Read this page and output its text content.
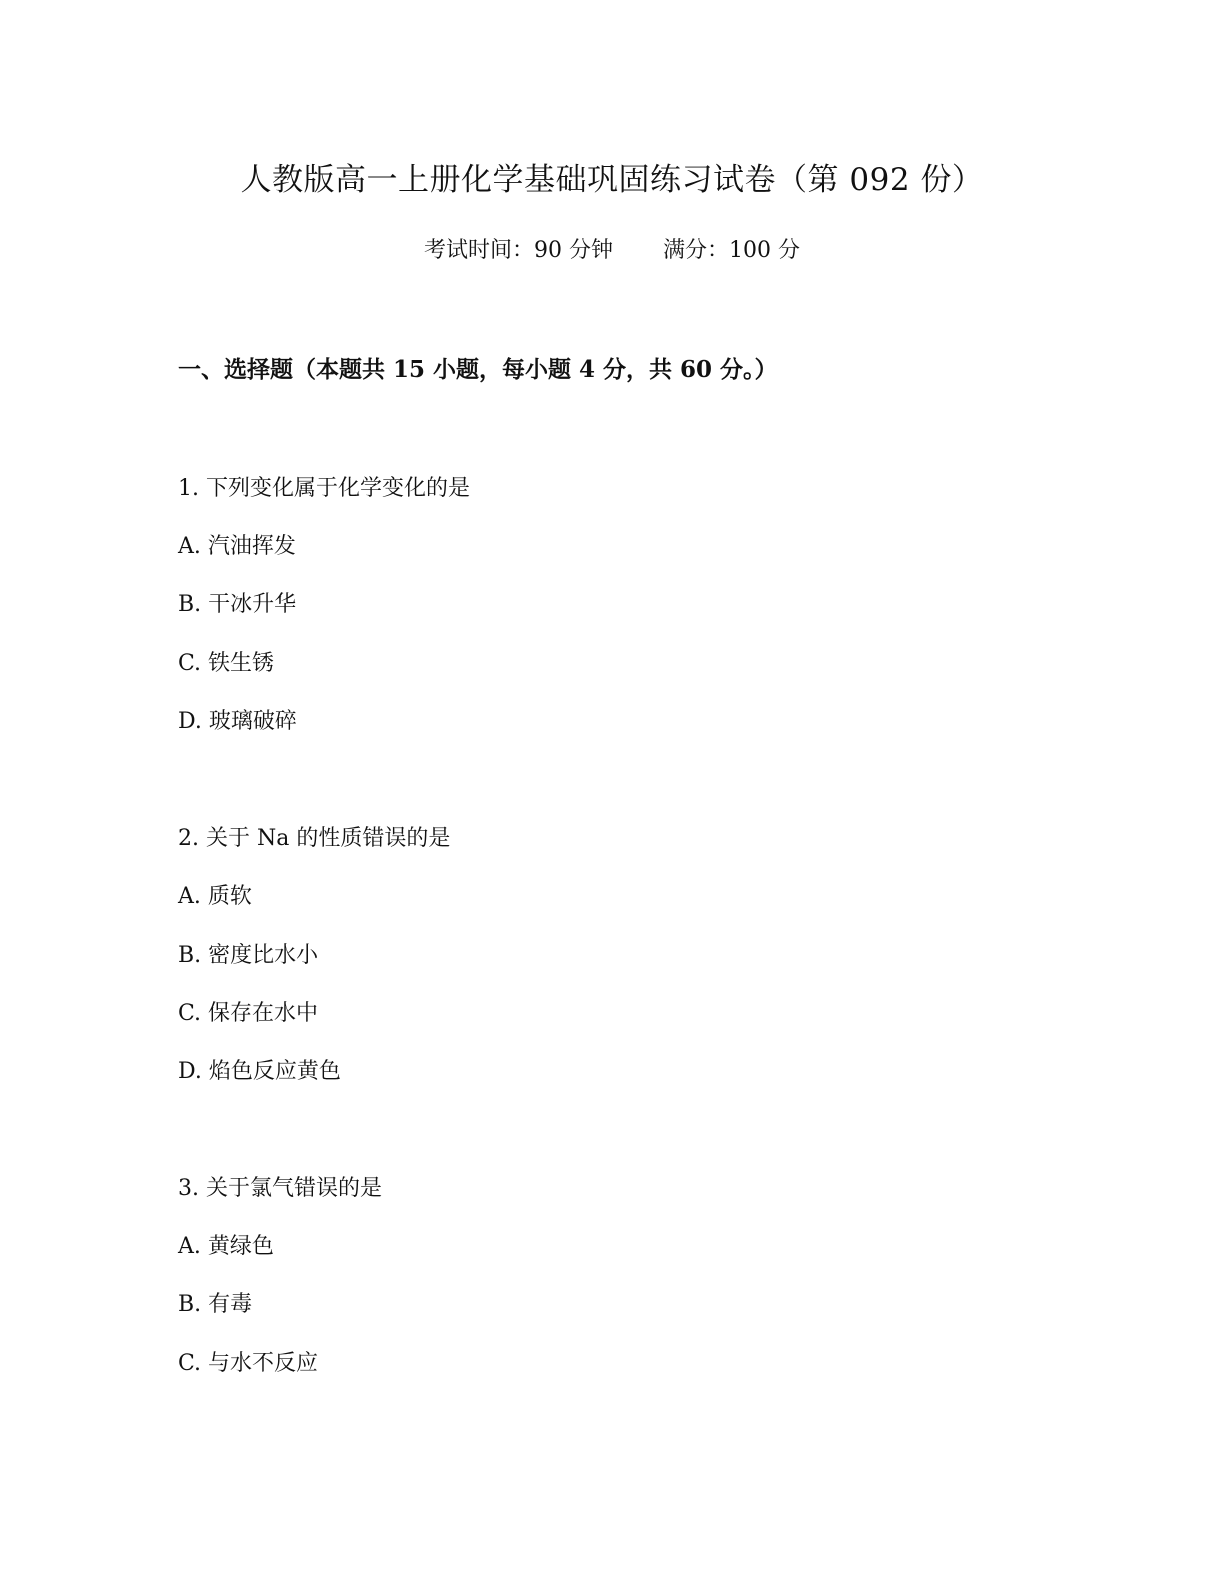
人教版高一上册化学基础巩固练习试卷（第 092 份）
考试时间：90 分钟 满分：100 分
一、选择题（本题共 15 小题，每小题 4 分，共 60 分。）
1. 下列变化属于化学变化的是
A. 汽油挥发
B. 干冰升华
C. 铁生锈
D. 玻璃破碎
2. 关于 Na 的性质错误的是
A. 质软
B. 密度比水小
C. 保存在水中
D. 焰色反应黄色
3. 关于氯气错误的是
A. 黄绿色
B. 有毒
C. 与水不反应
